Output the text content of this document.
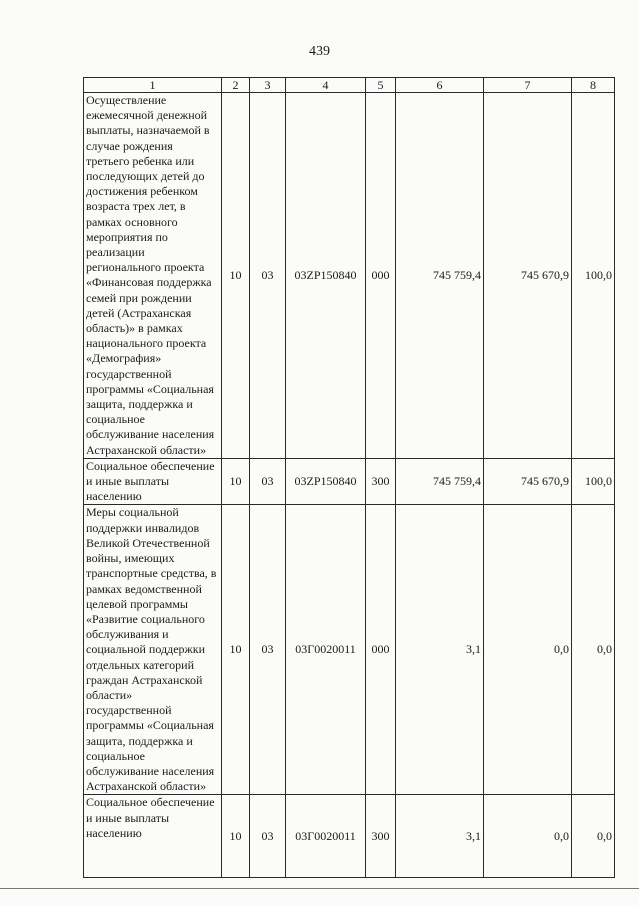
439
1	2	3	4	5	6	7	8
Осуществление ежемесячной денежной выплаты, назначаемой в случае рождения третьего ребенка или последующих детей до достижения ребенком возраста трех лет, в рамках основного мероприятия по реализации регионального проекта «Финансовая поддержка семей при рождении детей (Астраханская область)» в рамках национального проекта «Демография» государственной программы «Социальная защита, поддержка и социальное обслуживание населения Астраханской области»	10	03	03ZP150840	000	745 759,4	745 670,9	100,0
Социальное обеспечение и иные выплаты населению	10	03	03ZP150840	300	745 759,4	745 670,9	100,0
Меры социальной поддержки инвалидов Великой Отечественной войны, имеющих транспортные средства, в рамках ведомственной целевой программы «Развитие социального обслуживания и социальной поддержки отдельных категорий граждан Астраханской области» государственной программы «Социальная защита, поддержка и социальное обслуживание населения Астраханской области»	10	03	03Г0020011	000	3,1	0,0	0,0
Социальное обеспечение и иные выплаты населению	10	03	03Г0020011	300	3,1	0,0	0,0
